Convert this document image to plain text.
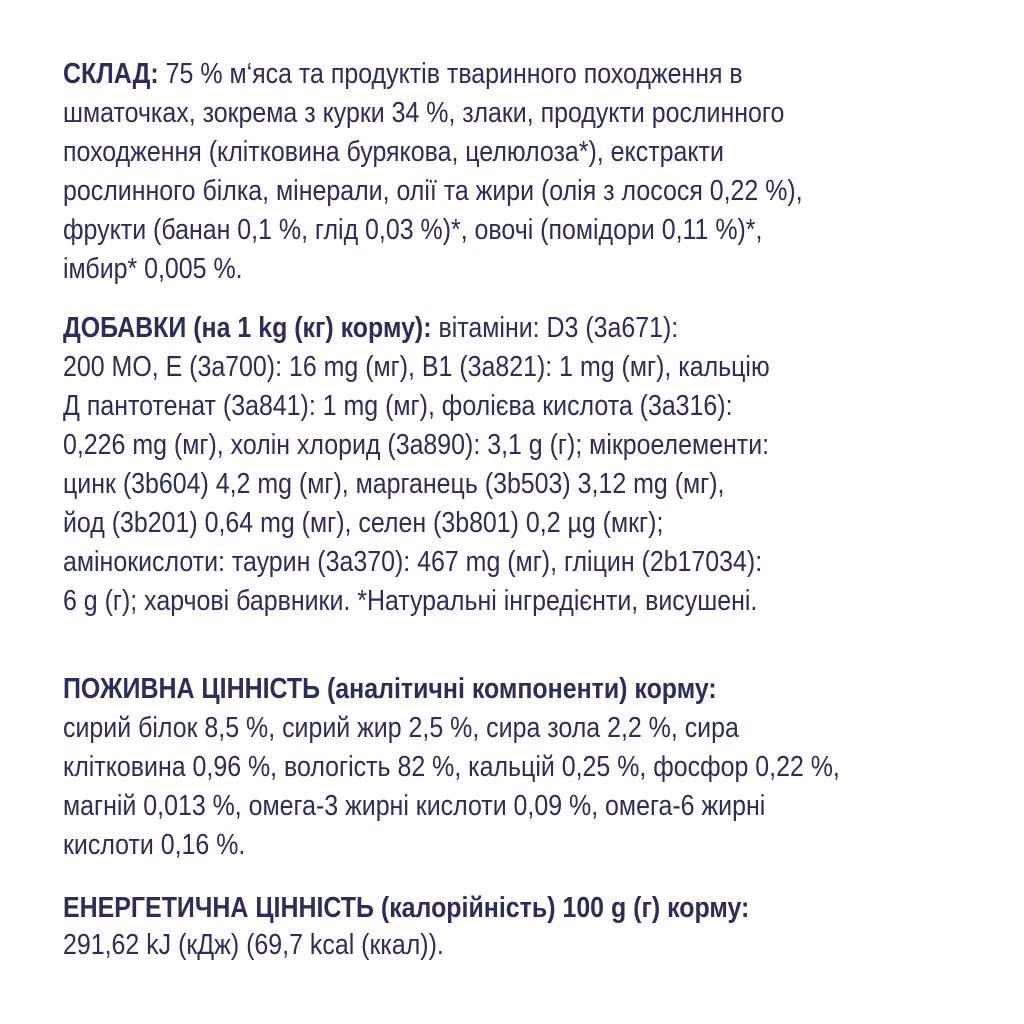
СКЛАД: 75 % м‘яса та продуктів тваринного походження в
шматочках, зокрема з курки 34 %, злаки, продукти рослинного
походження (клітковина бурякова, целюлоза*), екстракти
рослинного білка, мінерали, олії та жири (олія з лосося 0,22 %),
фрукти (банан 0,1 %, глід 0,03 %)*, овочі (помідори 0,11 %)*,
імбир* 0,005 %.
ДОБАВКИ (на 1 kg (кг) корму): вітаміни: D3 (3a671):
200 МО, E (3a700): 16 mg (мг), B1 (3a821): 1 mg (мг), кальцію
Д пантотенат (3a841): 1 mg (мг), фолієва кислота (3a316):
0,226 mg (мг), холін хлорид (3a890): 3,1 g (г); мікроелементи:
цинк (3b604) 4,2 mg (мг), марганець (3b503) 3,12 mg (мг),
йод (3b201) 0,64 mg (мг), селен (3b801) 0,2 µg (мкг);
амінокислоти: таурин (3a370): 467 mg (мг), гліцин (2b17034):
6 g (г); харчові барвники. *Натуральні інгредієнти, висушені.
ПОЖИВНА ЦІННІСТЬ (аналітичні компоненти) корму:
сирий білок 8,5 %, сирий жир 2,5 %, сира зола 2,2 %, сира
клітковина 0,96 %, вологість 82 %, кальцій 0,25 %, фосфор 0,22 %,
магній 0,013 %, омега-3 жирні кислоти 0,09 %, омега-6 жирні
кислоти 0,16 %.
ЕНЕРГЕТИЧНА ЦІННІСТЬ (калорійність) 100 g (г) корму:
291,62 kJ (кДж) (69,7 kcal (ккал)).
